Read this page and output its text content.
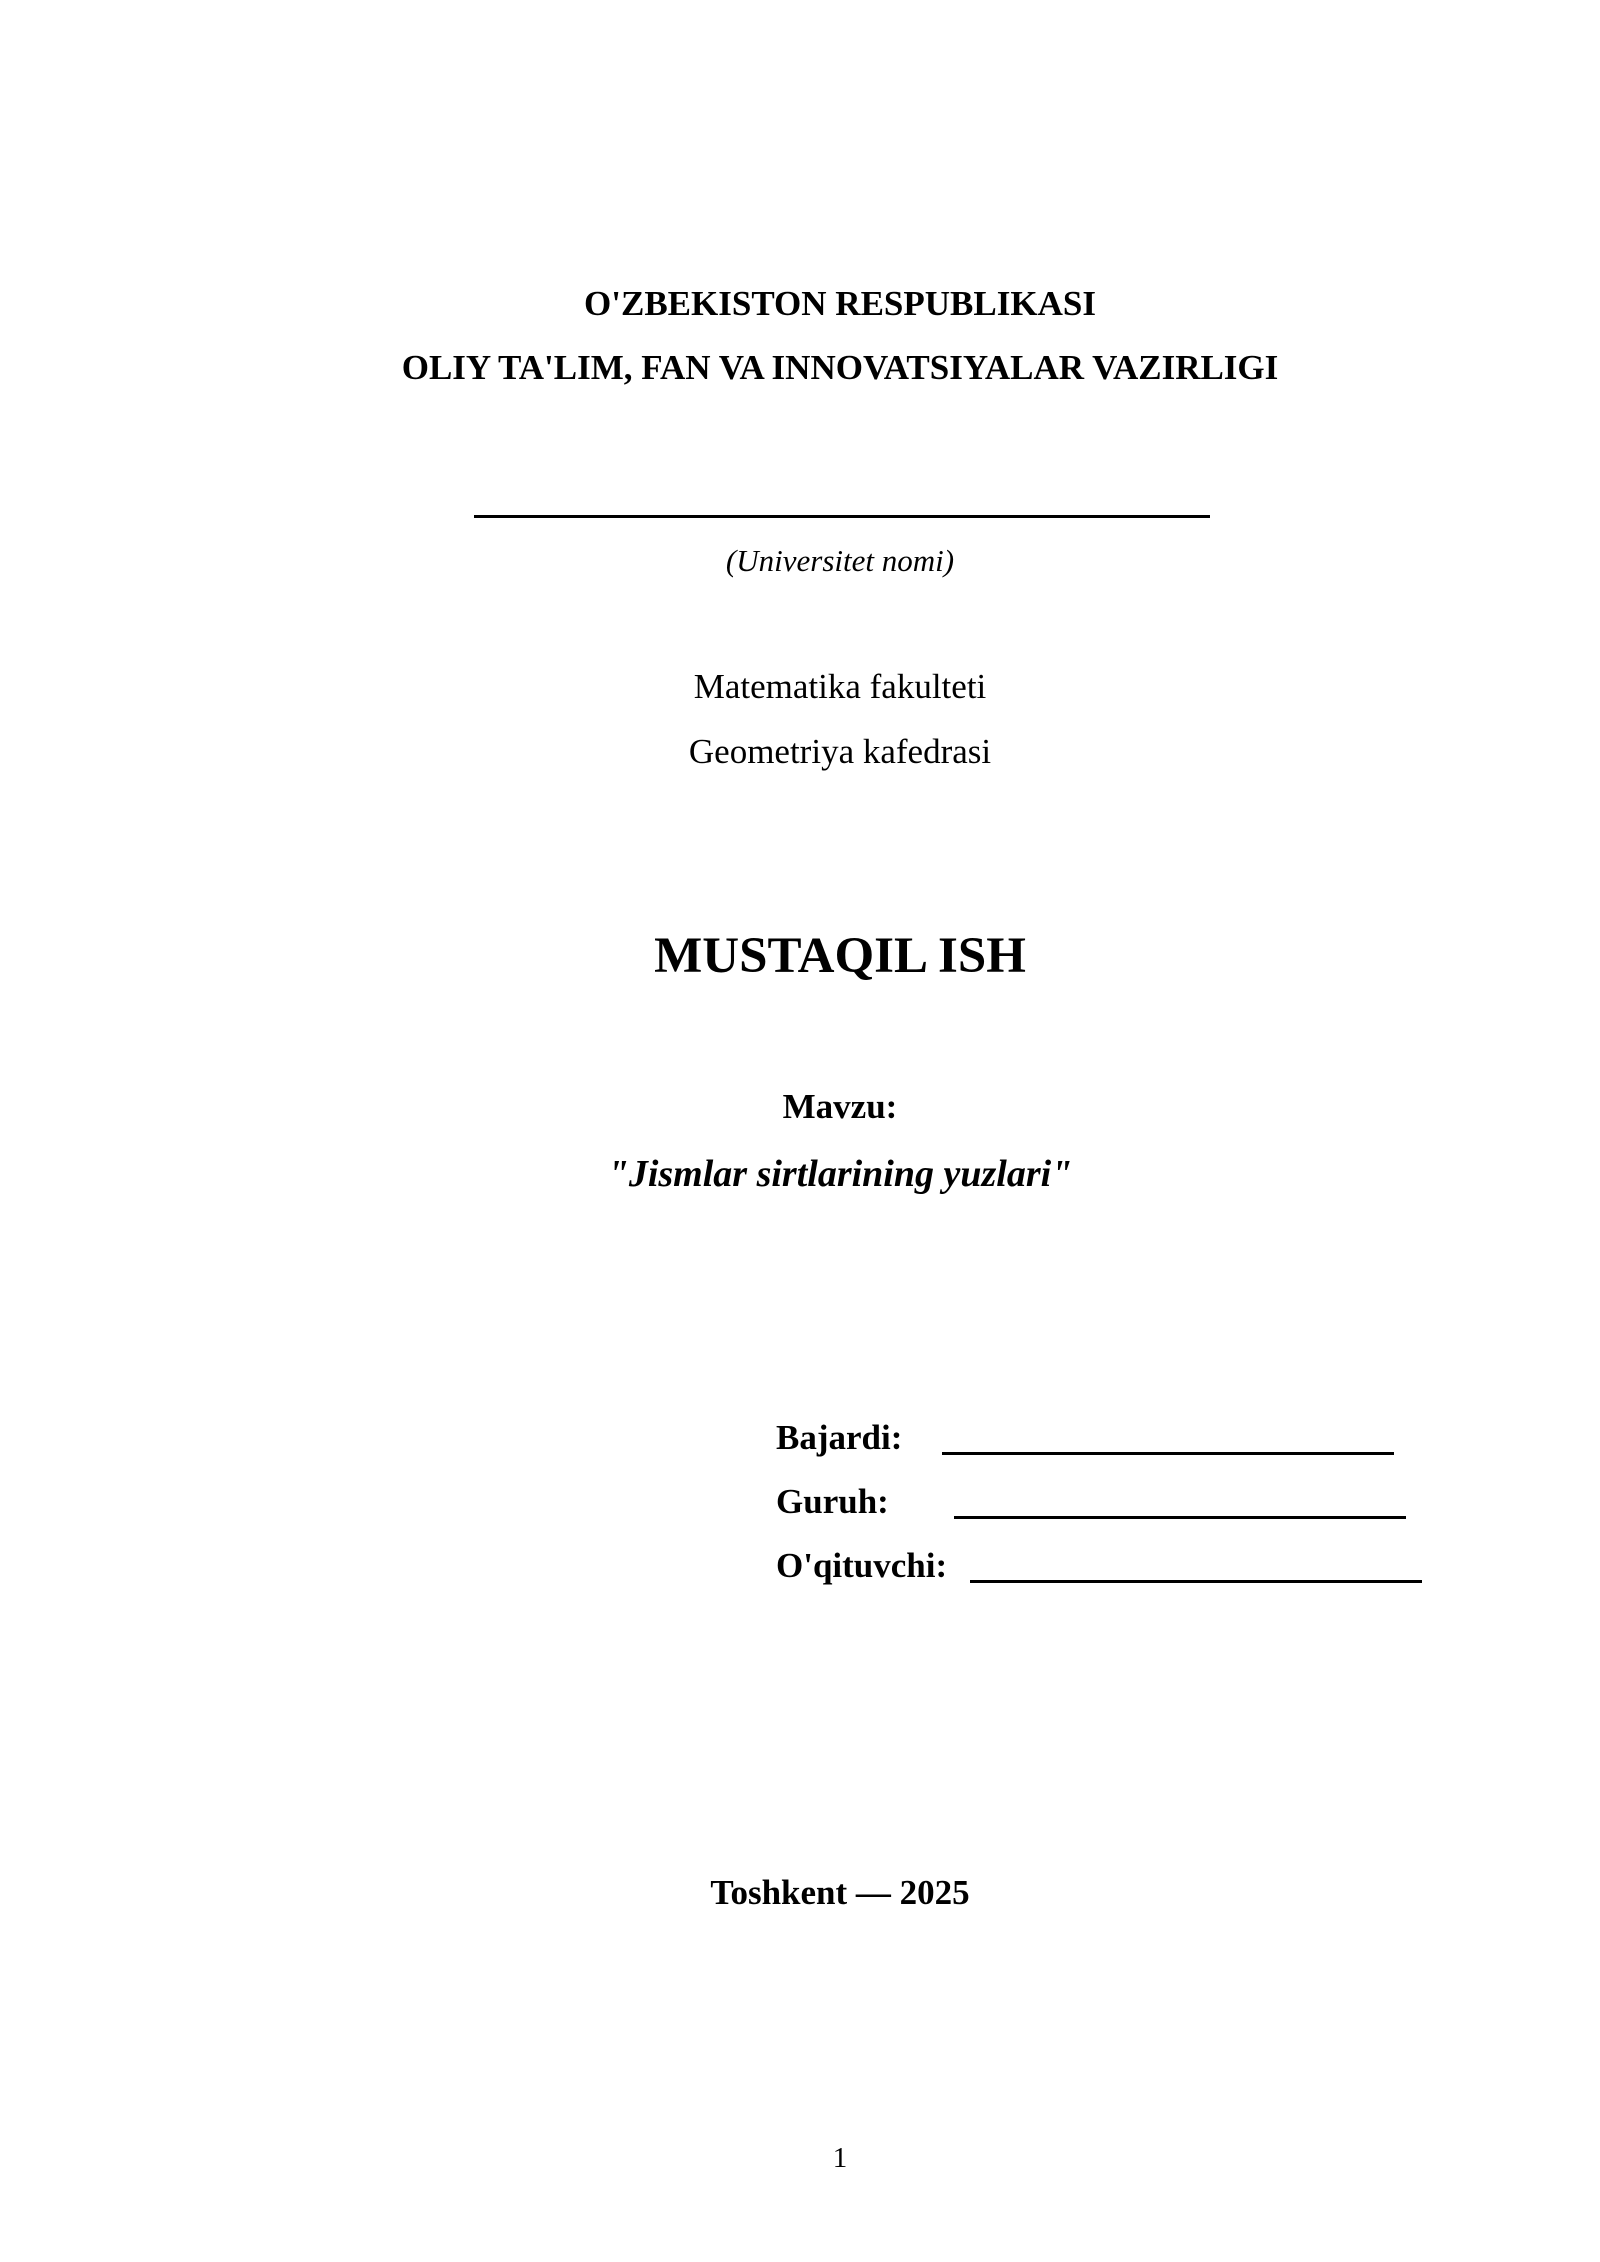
O'ZBEKISTON RESPUBLIKASI
OLIY TA'LIM, FAN VA INNOVATSIYALAR VAZIRLIGI
(Universitet nomi)
Matematika fakulteti
Geometriya kafedrasi
MUSTAQIL ISH
Mavzu:
"Jismlar sirtlarining yuzlari"
Bajardi:
Guruh:
O'qituvchi:
Toshkent — 2025
1
